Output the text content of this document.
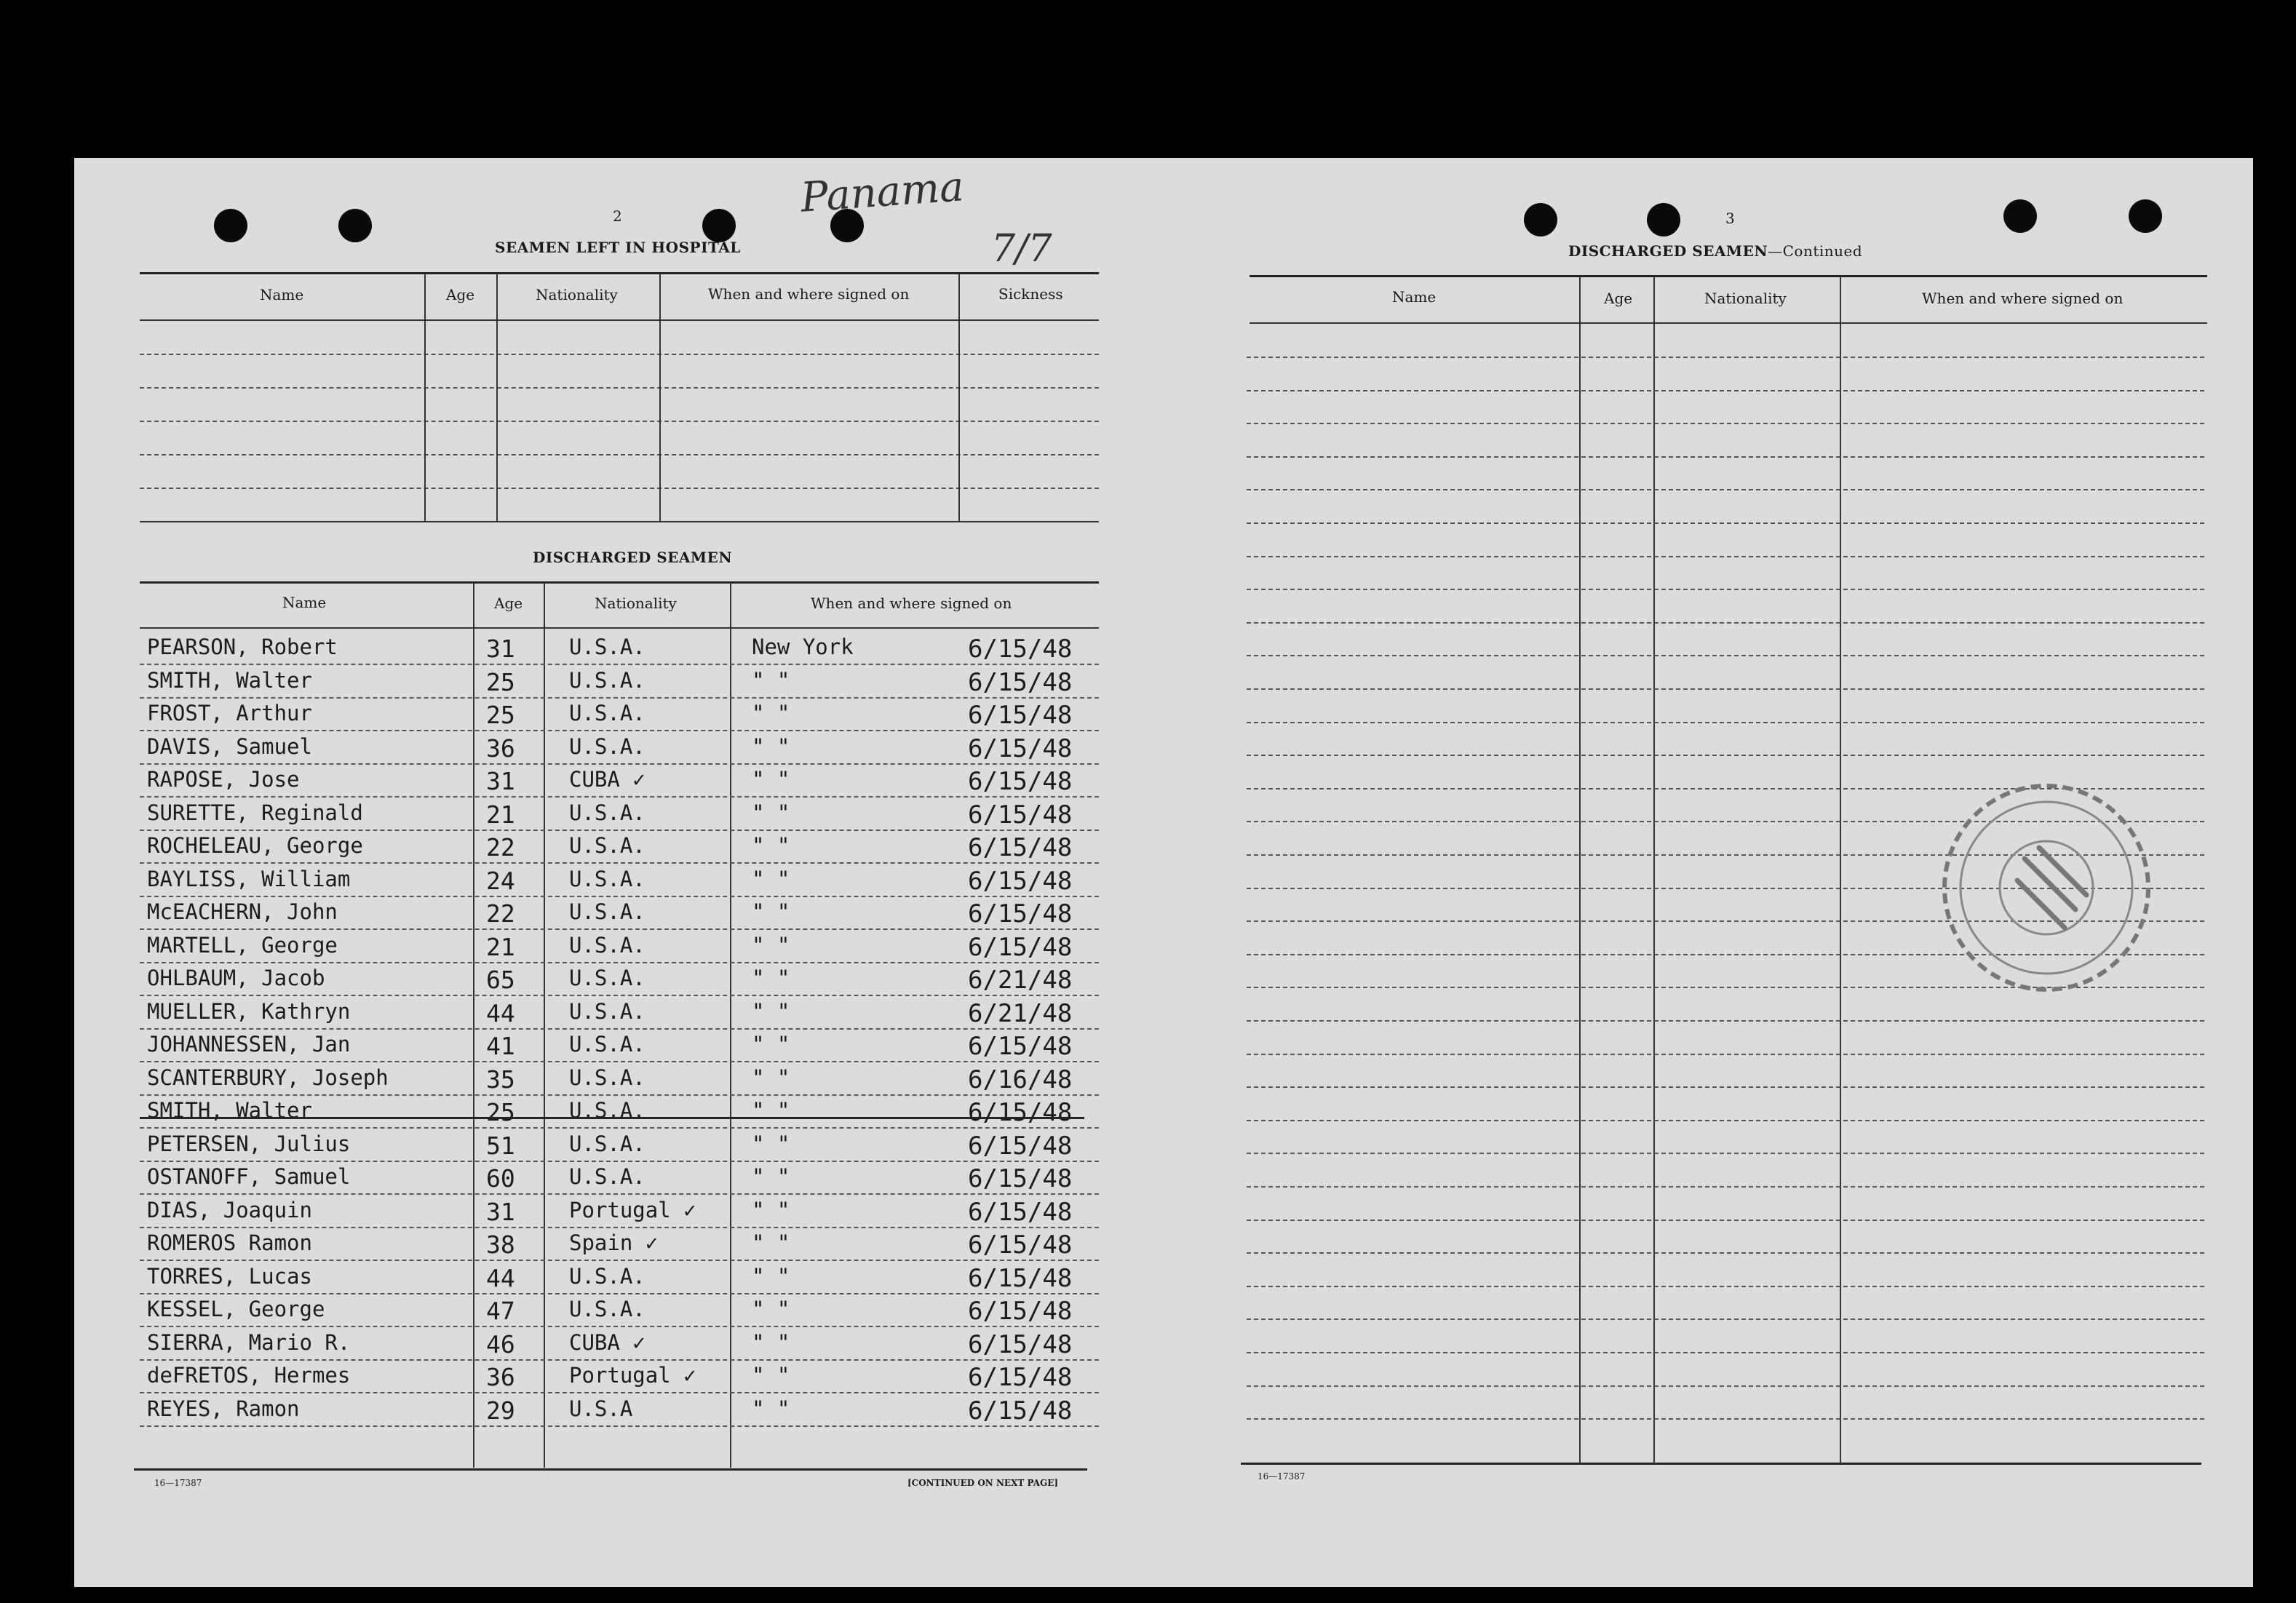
2	Panama
7/7
SEAMEN LEFT IN HOSPITAL
Name	Age	Nationality	When and where signed on	Sickness
DISCHARGED SEAMEN
Name	Age	Nationality	When and where signed on
PEARSON, Robert	31	U.S.A.	New York	6/15/48
SMITH, Walter	25	U.S.A.	" "	6/15/48
FROST, Arthur	25	U.S.A.	" "	6/15/48
DAVIS, Samuel	36	U.S.A.	" "	6/15/48
RAPOSE, Jose	31	CUBA ✓	" "	6/15/48
SURETTE, Reginald	21	U.S.A.	" "	6/15/48
ROCHELEAU, George	22	U.S.A.	" "	6/15/48
BAYLISS, William	24	U.S.A.	" "	6/15/48
McEACHERN, John	22	U.S.A.	" "	6/15/48
MARTELL, George	21	U.S.A.	" "	6/15/48
OHLBAUM, Jacob	65	U.S.A.	" "	6/21/48
MUELLER, Kathryn	44	U.S.A.	" "	6/21/48
JOHANNESSEN, Jan	41	U.S.A.	" "	6/15/48
SCANTERBURY, Joseph	35	U.S.A.	" "	6/16/48
SMITH, Walter	25	U.S.A.	" "	6/15/48
PETERSEN, Julius	51	U.S.A.	" "	6/15/48
OSTANOFF, Samuel	60	U.S.A.	" "	6/15/48
DIAS, Joaquin	31	Portugal ✓	" "	6/15/48
ROMEROS Ramon	38	Spain ✓	" "	6/15/48
TORRES, Lucas	44	U.S.A.	" "	6/15/48
KESSEL, George	47	U.S.A.	" "	6/15/48
SIERRA, Mario R.	46	CUBA ✓	" "	6/15/48
deFRETOS, Hermes	36	Portugal ✓	" "	6/15/48
REYES, Ramon	29	U.S.A	" "	6/15/48
16—17387	[CONTINUED ON NEXT PAGE]
3
DISCHARGED SEAMEN—Continued
Name	Age	Nationality	When and where signed on
16—17387
